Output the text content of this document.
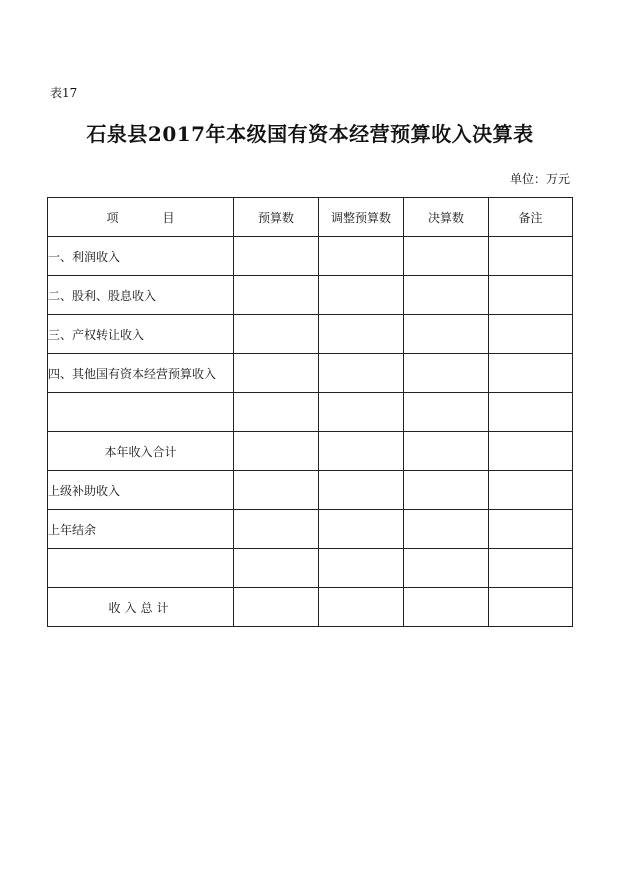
表17
石泉县2017年本级国有资本经营预算收入决算表
单位：万元
项 目	预算数	调整预算数	决算数	备注
一、利润收入				
二、股利、股息收入				
三、产权转让收入				
四、其他国有资本经营预算收入				

本年收入合计				
上级补助收入				
上年结余				

收入总计				
